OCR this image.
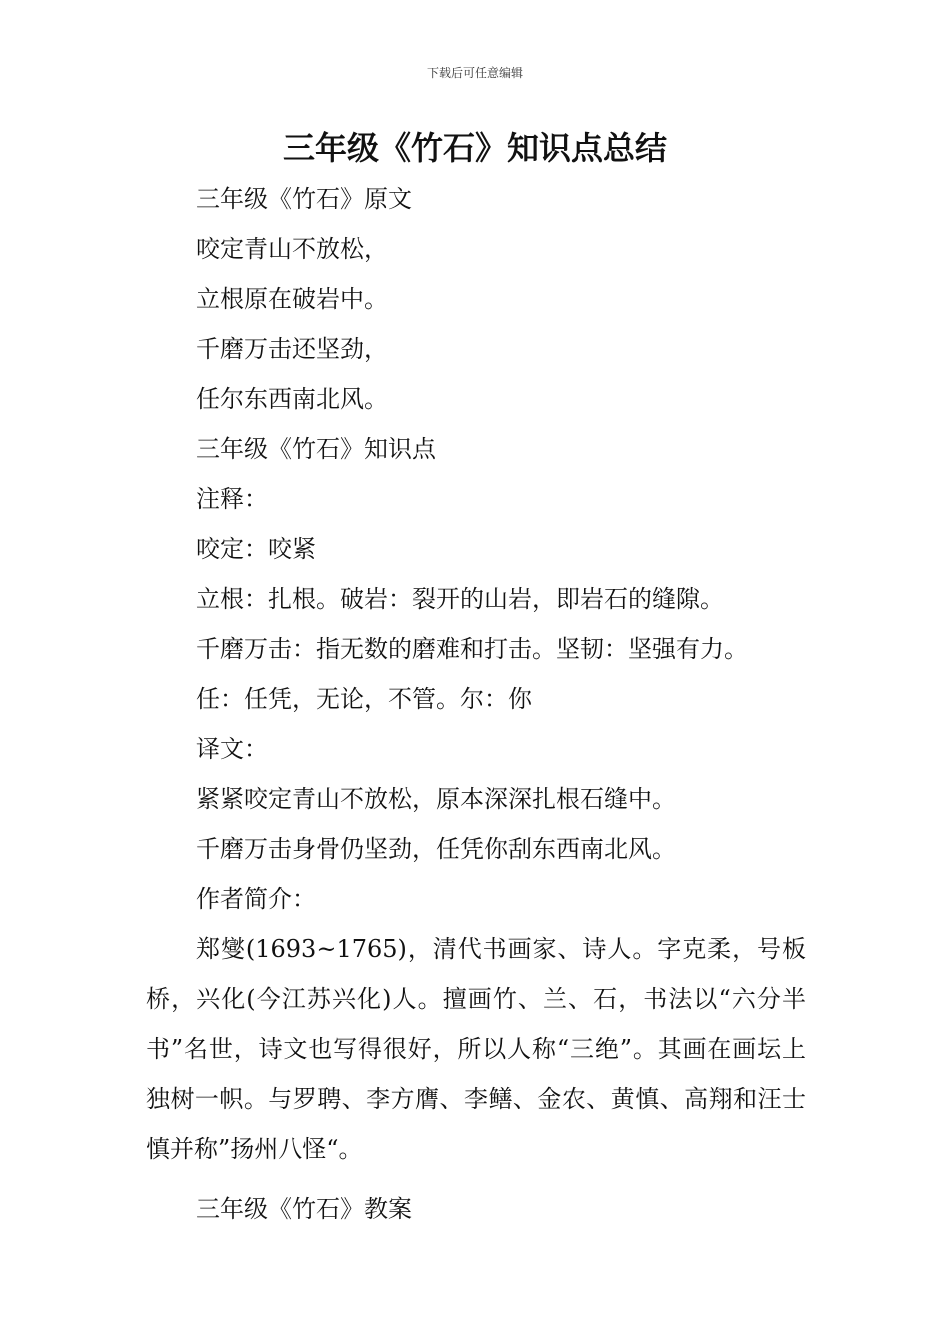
下载后可任意编辑
三年级《竹石》知识点总结

三年级《竹石》原文

咬定青山不放松，

立根原在破岩中。

千磨万击还坚劲，

任尔东西南北风。

三年级《竹石》知识点

注释：

咬定：咬紧

立根：扎根。破岩：裂开的山岩，即岩石的缝隙。

千磨万击：指无数的磨难和打击。坚韧：坚强有力。

任：任凭，无论，不管。尔：你

译文：

紧紧咬定青山不放松，原本深深扎根石缝中。

千磨万击身骨仍坚劲，任凭你刮东西南北风。

作者简介：

郑燮(1693~1765)，清代书画家、诗人。字克柔，号板桥，兴化(今江苏兴化)人。擅画竹、兰、石，书法以“六分半书”名世，诗文也写得很好，所以人称“三绝”。其画在画坛上独树一帜。与罗聘、李方膺、李鳝、金农、黄慎、高翔和汪士慎并称”扬州八怪“。

三年级《竹石》教案
